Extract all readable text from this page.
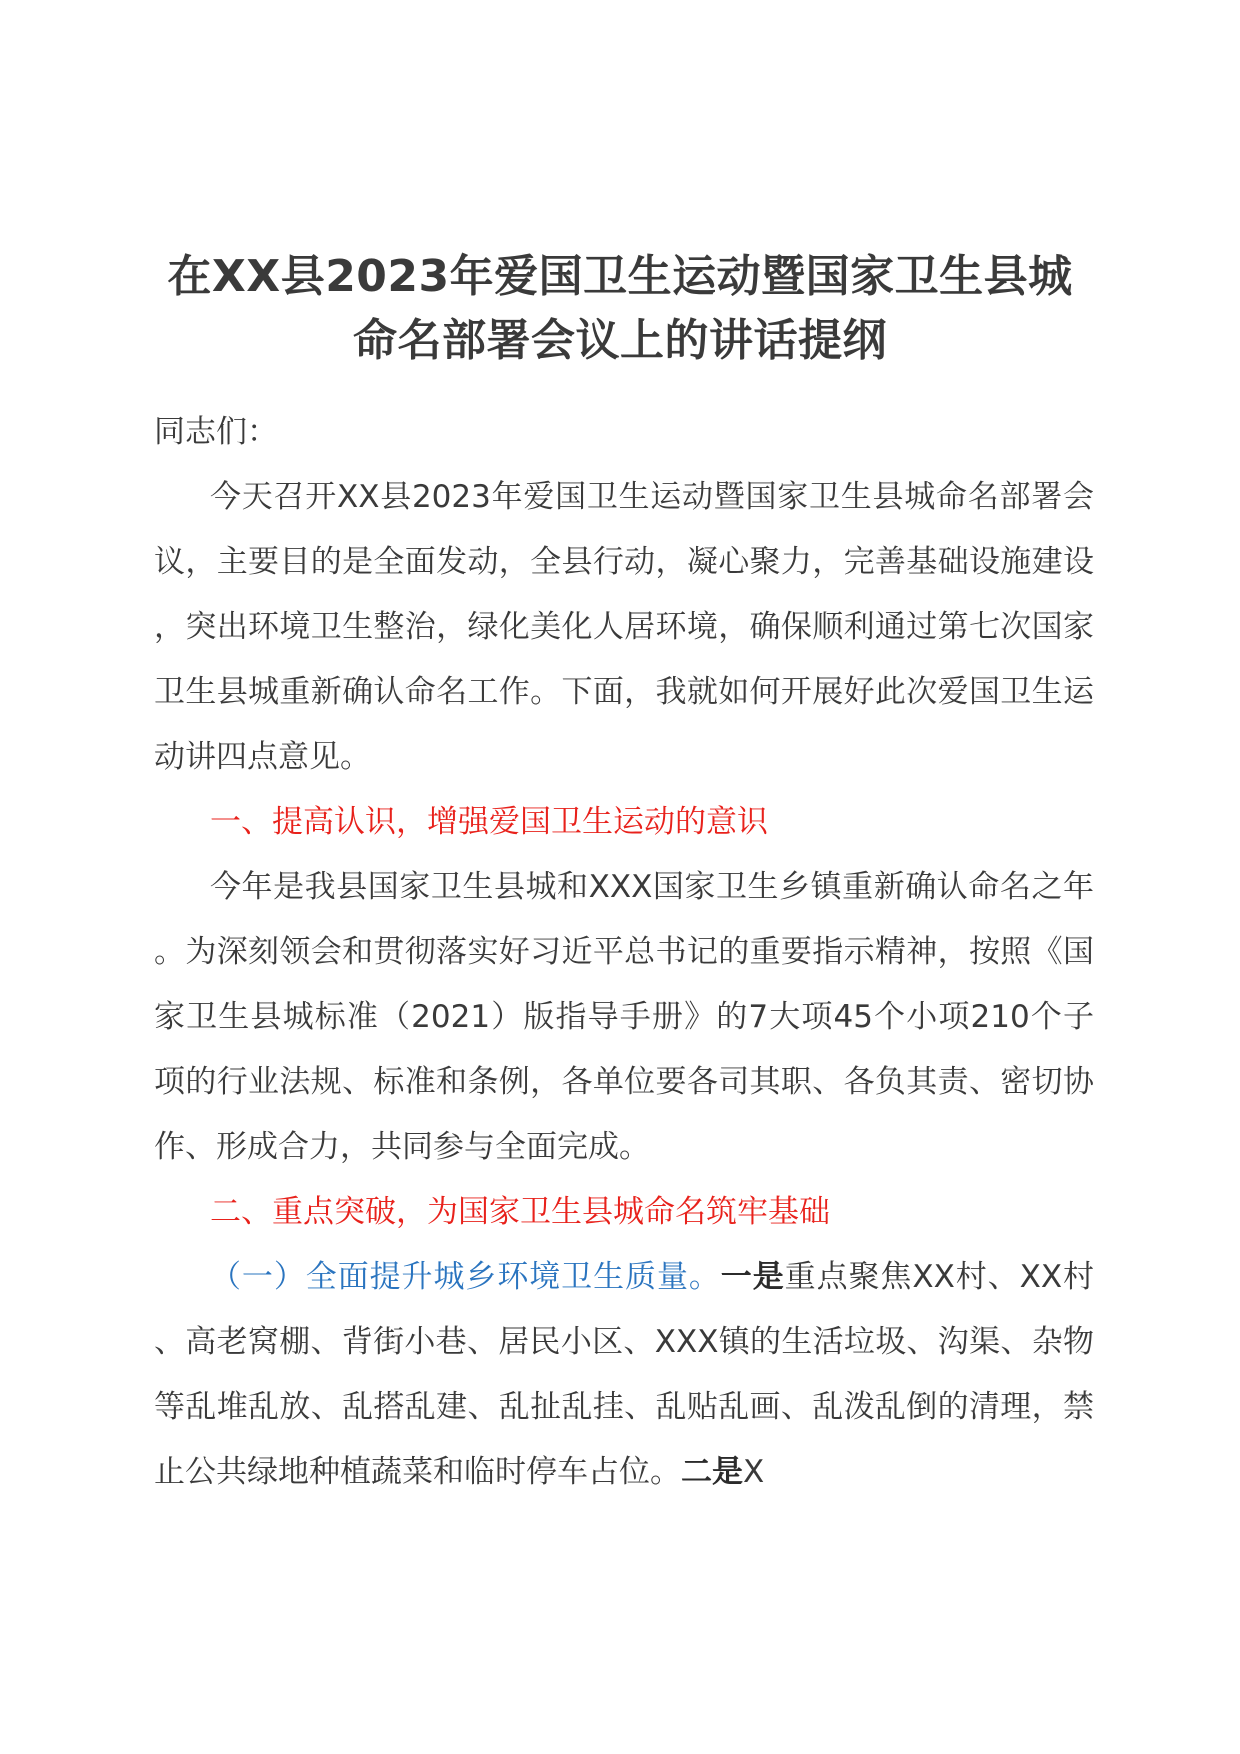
在XX县2023年爱国卫生运动暨国家卫生县城命名部署会议上的讲话提纲

同志们：

今天召开XX县2023年爱国卫生运动暨国家卫生县城命名部署会议，主要目的是全面发动，全县行动，凝心聚力，完善基础设施建设，突出环境卫生整治，绿化美化人居环境，确保顺利通过第七次国家卫生县城重新确认命名工作。下面，我就如何开展好此次爱国卫生运动讲四点意见。

一、提高认识，增强爱国卫生运动的意识

今年是我县国家卫生县城和XXX国家卫生乡镇重新确认命名之年。为深刻领会和贯彻落实好习近平总书记的重要指示精神，按照《国家卫生县城标准（2021）版指导手册》的7大项45个小项210个子项的行业法规、标准和条例，各单位要各司其职、各负其责、密切协作、形成合力，共同参与全面完成。

二、重点突破，为国家卫生县城命名筑牢基础

（一）全面提升城乡环境卫生质量。一是重点聚焦XX村、XX村、高老窝棚、背街小巷、居民小区、XXX镇的生活垃圾、沟渠、杂物等乱堆乱放、乱搭乱建、乱扯乱挂、乱贴乱画、乱泼乱倒的清理，禁止公共绿地种植蔬菜和临时停车占位。二是X
